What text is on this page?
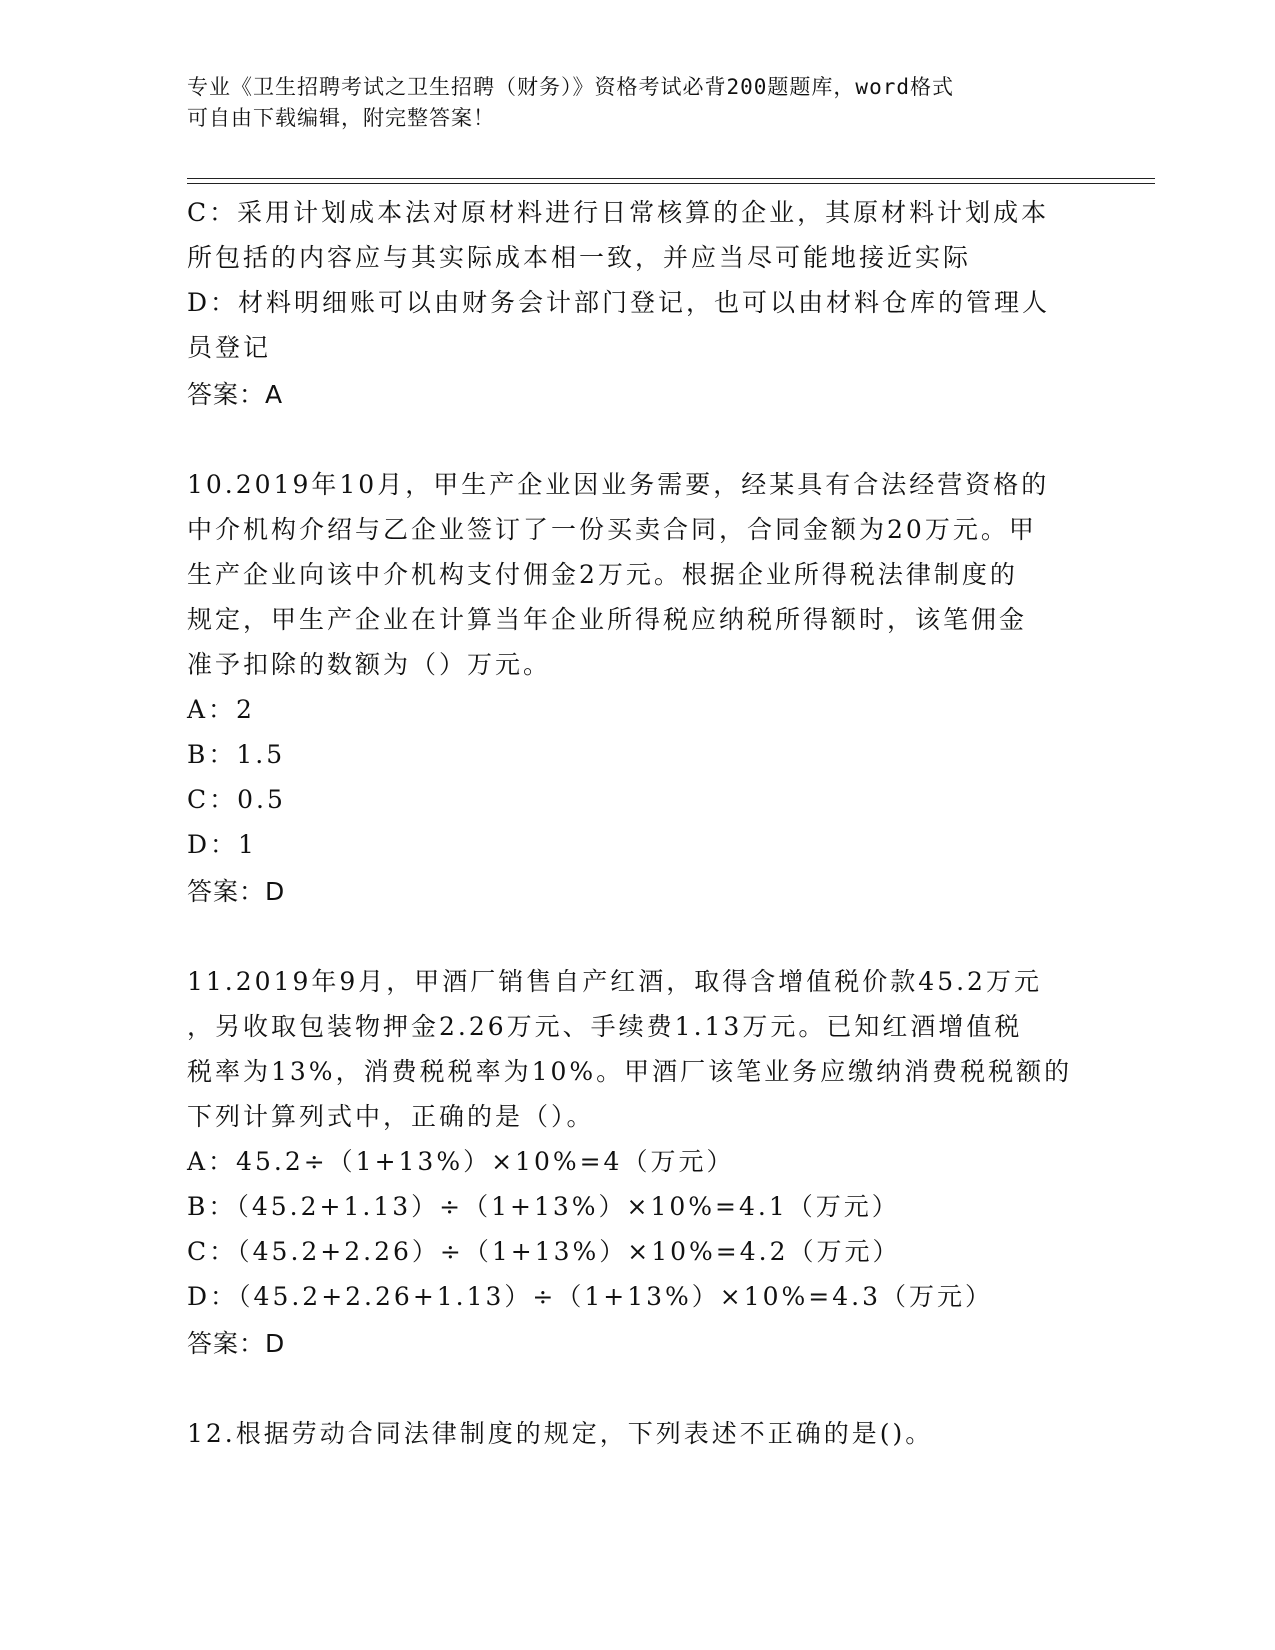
专业《卫生招聘考试之卫生招聘（财务）》资格考试必背200题题库，word格式
可自由下载编辑，附完整答案！

C：采用计划成本法对原材料进行日常核算的企业，其原材料计划成本

所包括的内容应与其实际成本相一致，并应当尽可能地接近实际

D：材料明细账可以由财务会计部门登记，也可以由材料仓库的管理人

员登记

答案：A

10.2019年10月，甲生产企业因业务需要，经某具有合法经营资格的

中介机构介绍与乙企业签订了一份买卖合同，合同金额为20万元。甲

生产企业向该中介机构支付佣金2万元。根据企业所得税法律制度的

规定，甲生产企业在计算当年企业所得税应纳税所得额时，该笔佣金

准予扣除的数额为（）万元。

A：2

B：1.5

C：0.5

D：1

答案：D

11.2019年9月，甲酒厂销售自产红酒，取得含增值税价款45.2万元

，另收取包装物押金2.26万元、手续费1.13万元。已知红酒增值税

税率为13%，消费税税率为10%。甲酒厂该笔业务应缴纳消费税税额的

下列计算列式中，正确的是（）。

A：45.2÷（1+13%）×10%=4（万元）

B：（45.2+1.13）÷（1+13%）×10%=4.1（万元）

C：（45.2+2.26）÷（1+13%）×10%=4.2（万元）

D：（45.2+2.26+1.13）÷（1+13%）×10%=4.3（万元）

答案：D

12.根据劳动合同法律制度的规定，下列表述不正确的是()。
